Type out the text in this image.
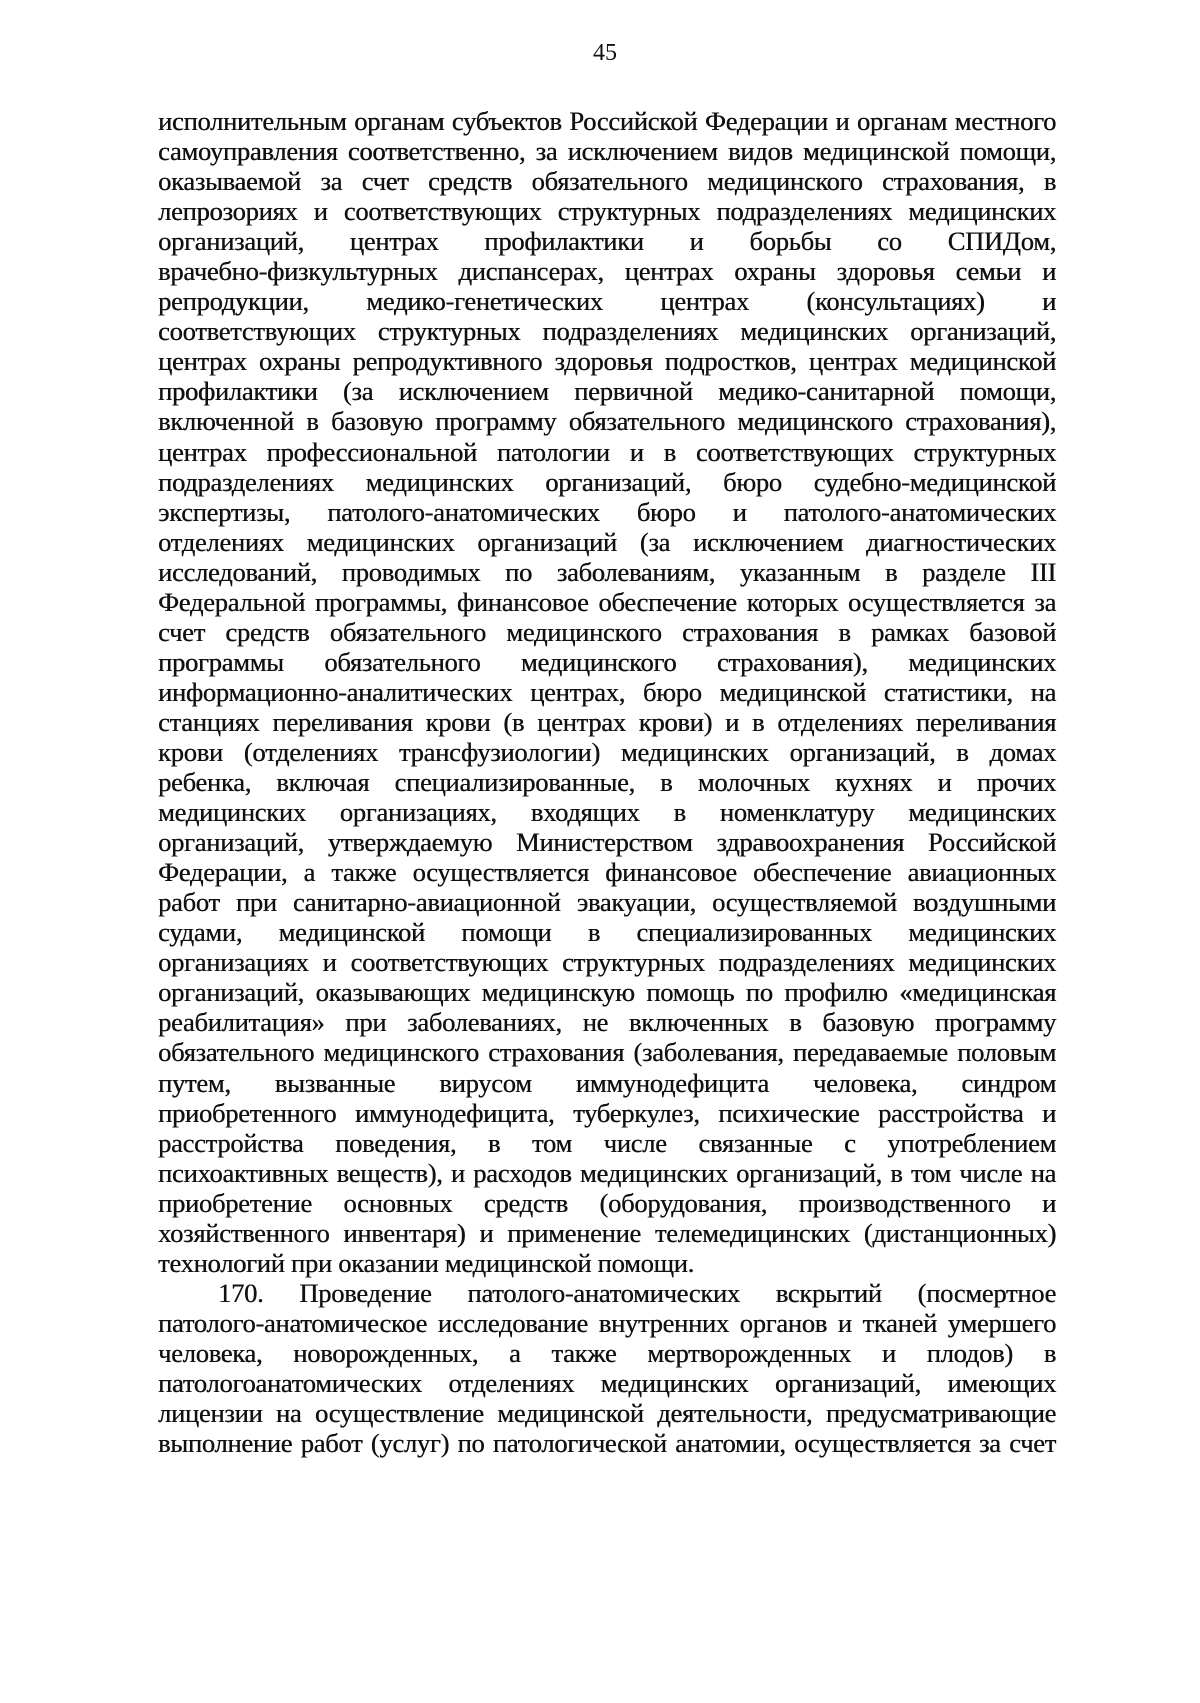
45
исполнительным органам субъектов Российской Федерации и органам местного
самоуправления соответственно, за исключением видов медицинской помощи,
оказываемой за счет средств обязательного медицинского страхования, в
лепрозориях и соответствующих структурных подразделениях медицинских
организаций, центрах профилактики и борьбы со СПИДом,
врачебно-физкультурных диспансерах, центрах охраны здоровья семьи и
репродукции, медико-генетических центрах (консультациях) и
соответствующих структурных подразделениях медицинских организаций,
центрах охраны репродуктивного здоровья подростков, центрах медицинской
профилактики (за исключением первичной медико-санитарной помощи,
включенной в базовую программу обязательного медицинского страхования),
центрах профессиональной патологии и в соответствующих структурных
подразделениях медицинских организаций, бюро судебно-медицинской
экспертизы, патолого-анатомических бюро и патолого-анатомических
отделениях медицинских организаций (за исключением диагностических
исследований, проводимых по заболеваниям, указанным в разделе III
Федеральной программы, финансовое обеспечение которых осуществляется за
счет средств обязательного медицинского страхования в рамках базовой
программы обязательного медицинского страхования), медицинских
информационно-аналитических центрах, бюро медицинской статистики, на
станциях переливания крови (в центрах крови) и в отделениях переливания
крови (отделениях трансфузиологии) медицинских организаций, в домах
ребенка, включая специализированные, в молочных кухнях и прочих
медицинских организациях, входящих в номенклатуру медицинских
организаций, утверждаемую Министерством здравоохранения Российской
Федерации, а также осуществляется финансовое обеспечение авиационных
работ при санитарно-авиационной эвакуации, осуществляемой воздушными
судами, медицинской помощи в специализированных медицинских
организациях и соответствующих структурных подразделениях медицинских
организаций, оказывающих медицинскую помощь по профилю «медицинская
реабилитация» при заболеваниях, не включенных в базовую программу
обязательного медицинского страхования (заболевания, передаваемые половым
путем, вызванные вирусом иммунодефицита человека, синдром
приобретенного иммунодефицита, туберкулез, психические расстройства и
расстройства поведения, в том числе связанные с употреблением
психоактивных веществ), и расходов медицинских организаций, в том числе на
приобретение основных средств (оборудования, производственного и
хозяйственного инвентаря) и применение телемедицинских (дистанционных)
технологий при оказании медицинской помощи.
170. Проведение патолого-анатомических вскрытий (посмертное
патолого-анатомическое исследование внутренних органов и тканей умершего
человека, новорожденных, а также мертворожденных и плодов) в
патологоанатомических отделениях медицинских организаций, имеющих
лицензии на осуществление медицинской деятельности, предусматривающие
выполнение работ (услуг) по патологической анатомии, осуществляется за счет
